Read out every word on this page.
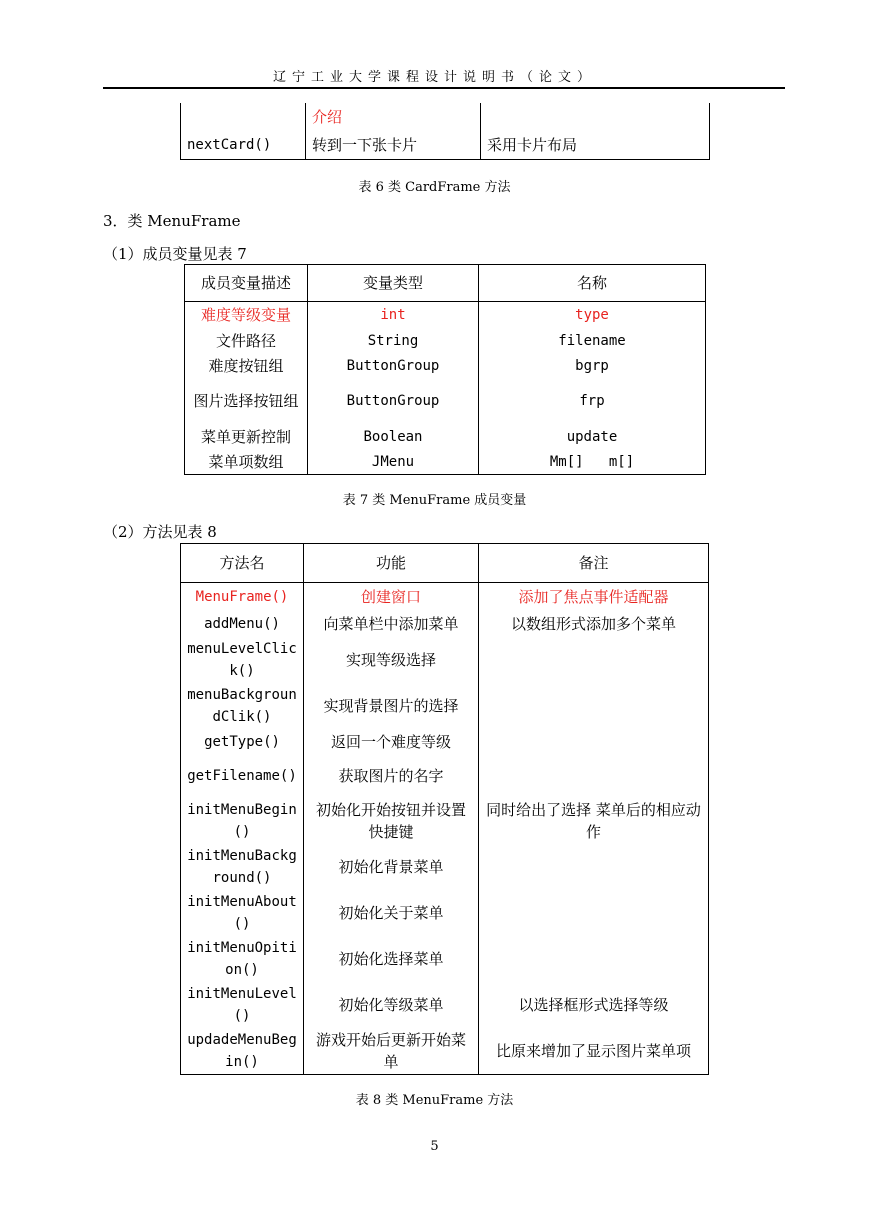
辽宁工业大学课程设计说明书（论文）
	介绍	
nextCard()	转到一下张卡片	采用卡片布局
表 6 类 CardFrame 方法
3．类 MenuFrame
（1）成员变量见表 7
成员变量描述	变量类型	名称
难度等级变量	int	type
文件路径	String	filename
难度按钮组	ButtonGroup	bgrp
图片选择按钮组	ButtonGroup	frp
菜单更新控制	Boolean	update
菜单项数组	JMenu	Mm[]   m[]
表 7 类 MenuFrame 成员变量
（2）方法见表 8
方法名	功能	备注
MenuFrame()	创建窗口	添加了焦点事件适配器
addMenu()	向菜单栏中添加菜单	以数组形式添加多个菜单
menuLevelClick()	实现等级选择	
menuBackgroundClik()	实现背景图片的选择	
getType()	返回一个难度等级	
getFilename()	获取图片的名字	
initMenuBegin()	初始化开始按钮并设置快捷键	同时给出了选择 菜单后的相应动作
initMenuBackground()	初始化背景菜单	
initMenuAbout()	初始化关于菜单	
initMenuOpition()	初始化选择菜单	
initMenuLevel()	初始化等级菜单	以选择框形式选择等级
updadeMenuBegin()	游戏开始后更新开始菜单	比原来增加了显示图片菜单项
表 8 类 MenuFrame 方法
5
